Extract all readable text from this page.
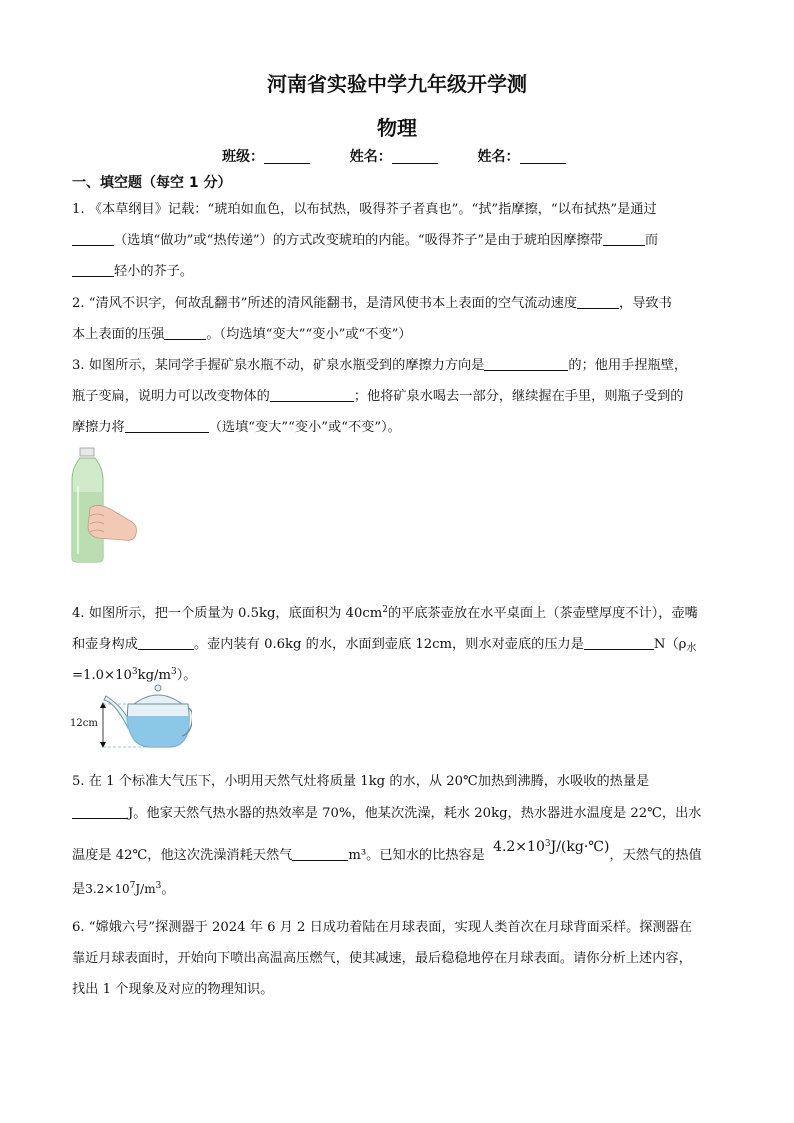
河南省实验中学九年级开学测
物理
班级：	姓名：	姓名：
一、填空题（每空 1 分）
1. 《本草纲目》记载：“琥珀如血色，以布拭热，吸得芥子者真也”。“拭”指摩擦，“以布拭热”是通过
（选填“做功”或“热传递”）的方式改变琥珀的内能。“吸得芥子”是由于琥珀因摩擦带	而
轻小的芥子。
2. “清风不识字，何故乱翻书”所述的清风能翻书，是清风使书本上表面的空气流动速度	，导致书
本上表面的压强	。（均选填“变大”“变小”或“不变”）
3. 如图所示，某同学手握矿泉水瓶不动，矿泉水瓶受到的摩擦力方向是	的；他用手捏瓶壁，
瓶子变扁，说明力可以改变物体的	；他将矿泉水喝去一部分，继续握在手里，则瓶子受到的
摩擦力将	（选填“变大”“变小”或“不变”）。
4. 如图所示，把一个质量为 0.5kg，底面积为 $40cm^2$的平底茶壶放在水平桌面上（茶壶壁厚度不计），壶嘴
和壶身构成	。壶内装有 0.6kg 的水，水面到壶底 12cm，则水对壶底的压力是	$N(\rho_水$
$=1.0\times 10^3kg/m^3$）。
12cm
5. 在 1 个标准大气压下，小明用天然气灶将质量 1kg 的水，从 20℃加热到沸腾，水吸收的热量是
J。他家天然气热水器的热效率是 70%，他某次洗澡，耗水 20kg，热水器进水温度是 22℃，出水
温度是 42℃，他这次洗澡消耗天然气	m³。已知水的比热容是 $4.2\times 10^3J/(kg\cdot℃)$，天然气的热值
是$3.2\times 10^7J/m^3$。
6. “嫦娥六号”探测器于 2024 年 6 月 2 日成功着陆在月球表面，实现人类首次在月球背面采样。探测器在
靠近月球表面时，开始向下喷出高温高压燃气，使其减速，最后稳稳地停在月球表面。请你分析上述内容，
找出 1 个现象及对应的物理知识。
